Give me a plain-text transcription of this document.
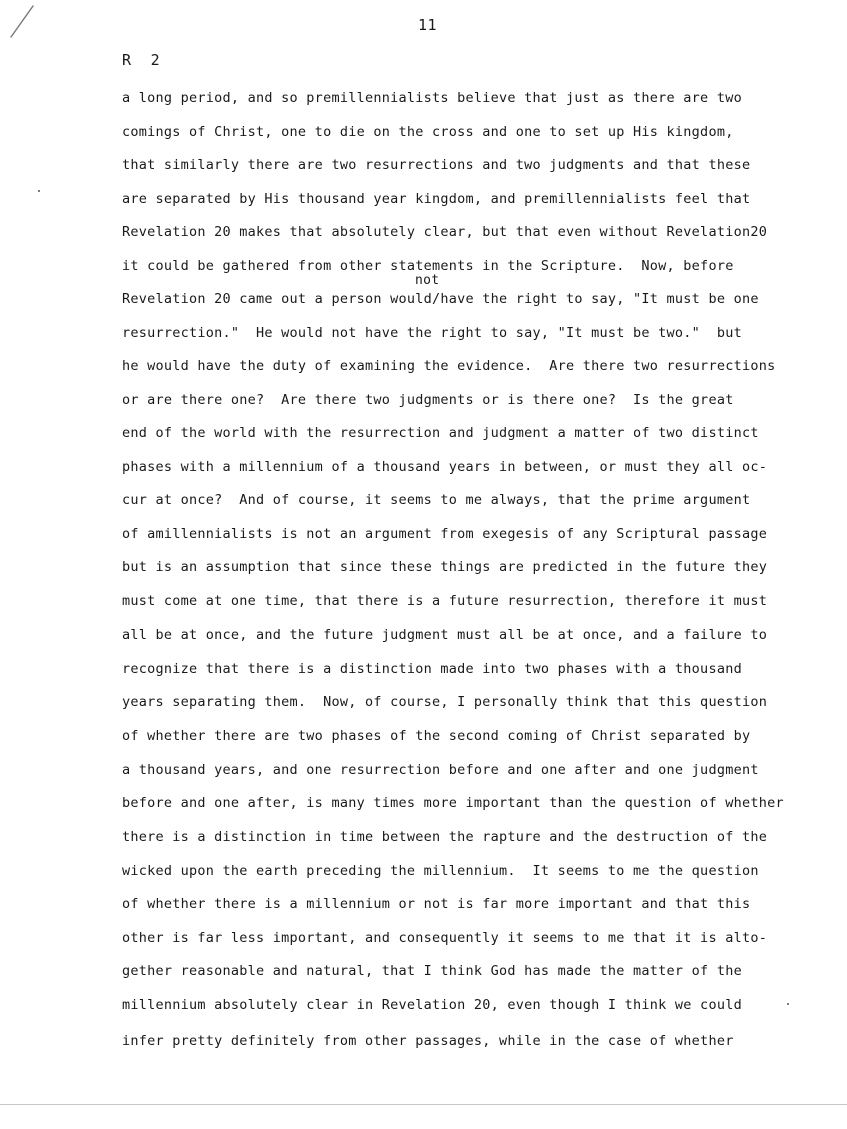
11
R  2
not
a long period, and so premillennialists believe that just as there are two
comings of Christ, one to die on the cross and one to set up His kingdom,
that similarly there are two resurrections and two judgments and that these
are separated by His thousand year kingdom, and premillennialists feel that
Revelation 20 makes that absolutely clear, but that even without Revelation20
it could be gathered from other statements in the Scripture.  Now, before
Revelation 20 came out a person would/have the right to say, "It must be one
resurrection."  He would not have the right to say, "It must be two."  but
he would have the duty of examining the evidence.  Are there two resurrections
or are there one?  Are there two judgments or is there one?  Is the great
end of the world with the resurrection and judgment a matter of two distinct
phases with a millennium of a thousand years in between, or must they all oc-
cur at once?  And of course, it seems to me always, that the prime argument
of amillennialists is not an argument from exegesis of any Scriptural passage
but is an assumption that since these things are predicted in the future they
must come at one time, that there is a future resurrection, therefore it must
all be at once, and the future judgment must all be at once, and a failure to
recognize that there is a distinction made into two phases with a thousand
years separating them.  Now, of course, I personally think that this question
of whether there are two phases of the second coming of Christ separated by
a thousand years, and one resurrection before and one after and one judgment
before and one after, is many times more important than the question of whether
there is a distinction in time between the rapture and the destruction of the
wicked upon the earth preceding the millennium.  It seems to me the question
of whether there is a millennium or not is far more important and that this
other is far less important, and consequently it seems to me that it is alto-
gether reasonable and natural, that I think God has made the matter of the
millennium absolutely clear in Revelation 20, even though I think we could
infer pretty definitely from other passages, while in the case of whether
